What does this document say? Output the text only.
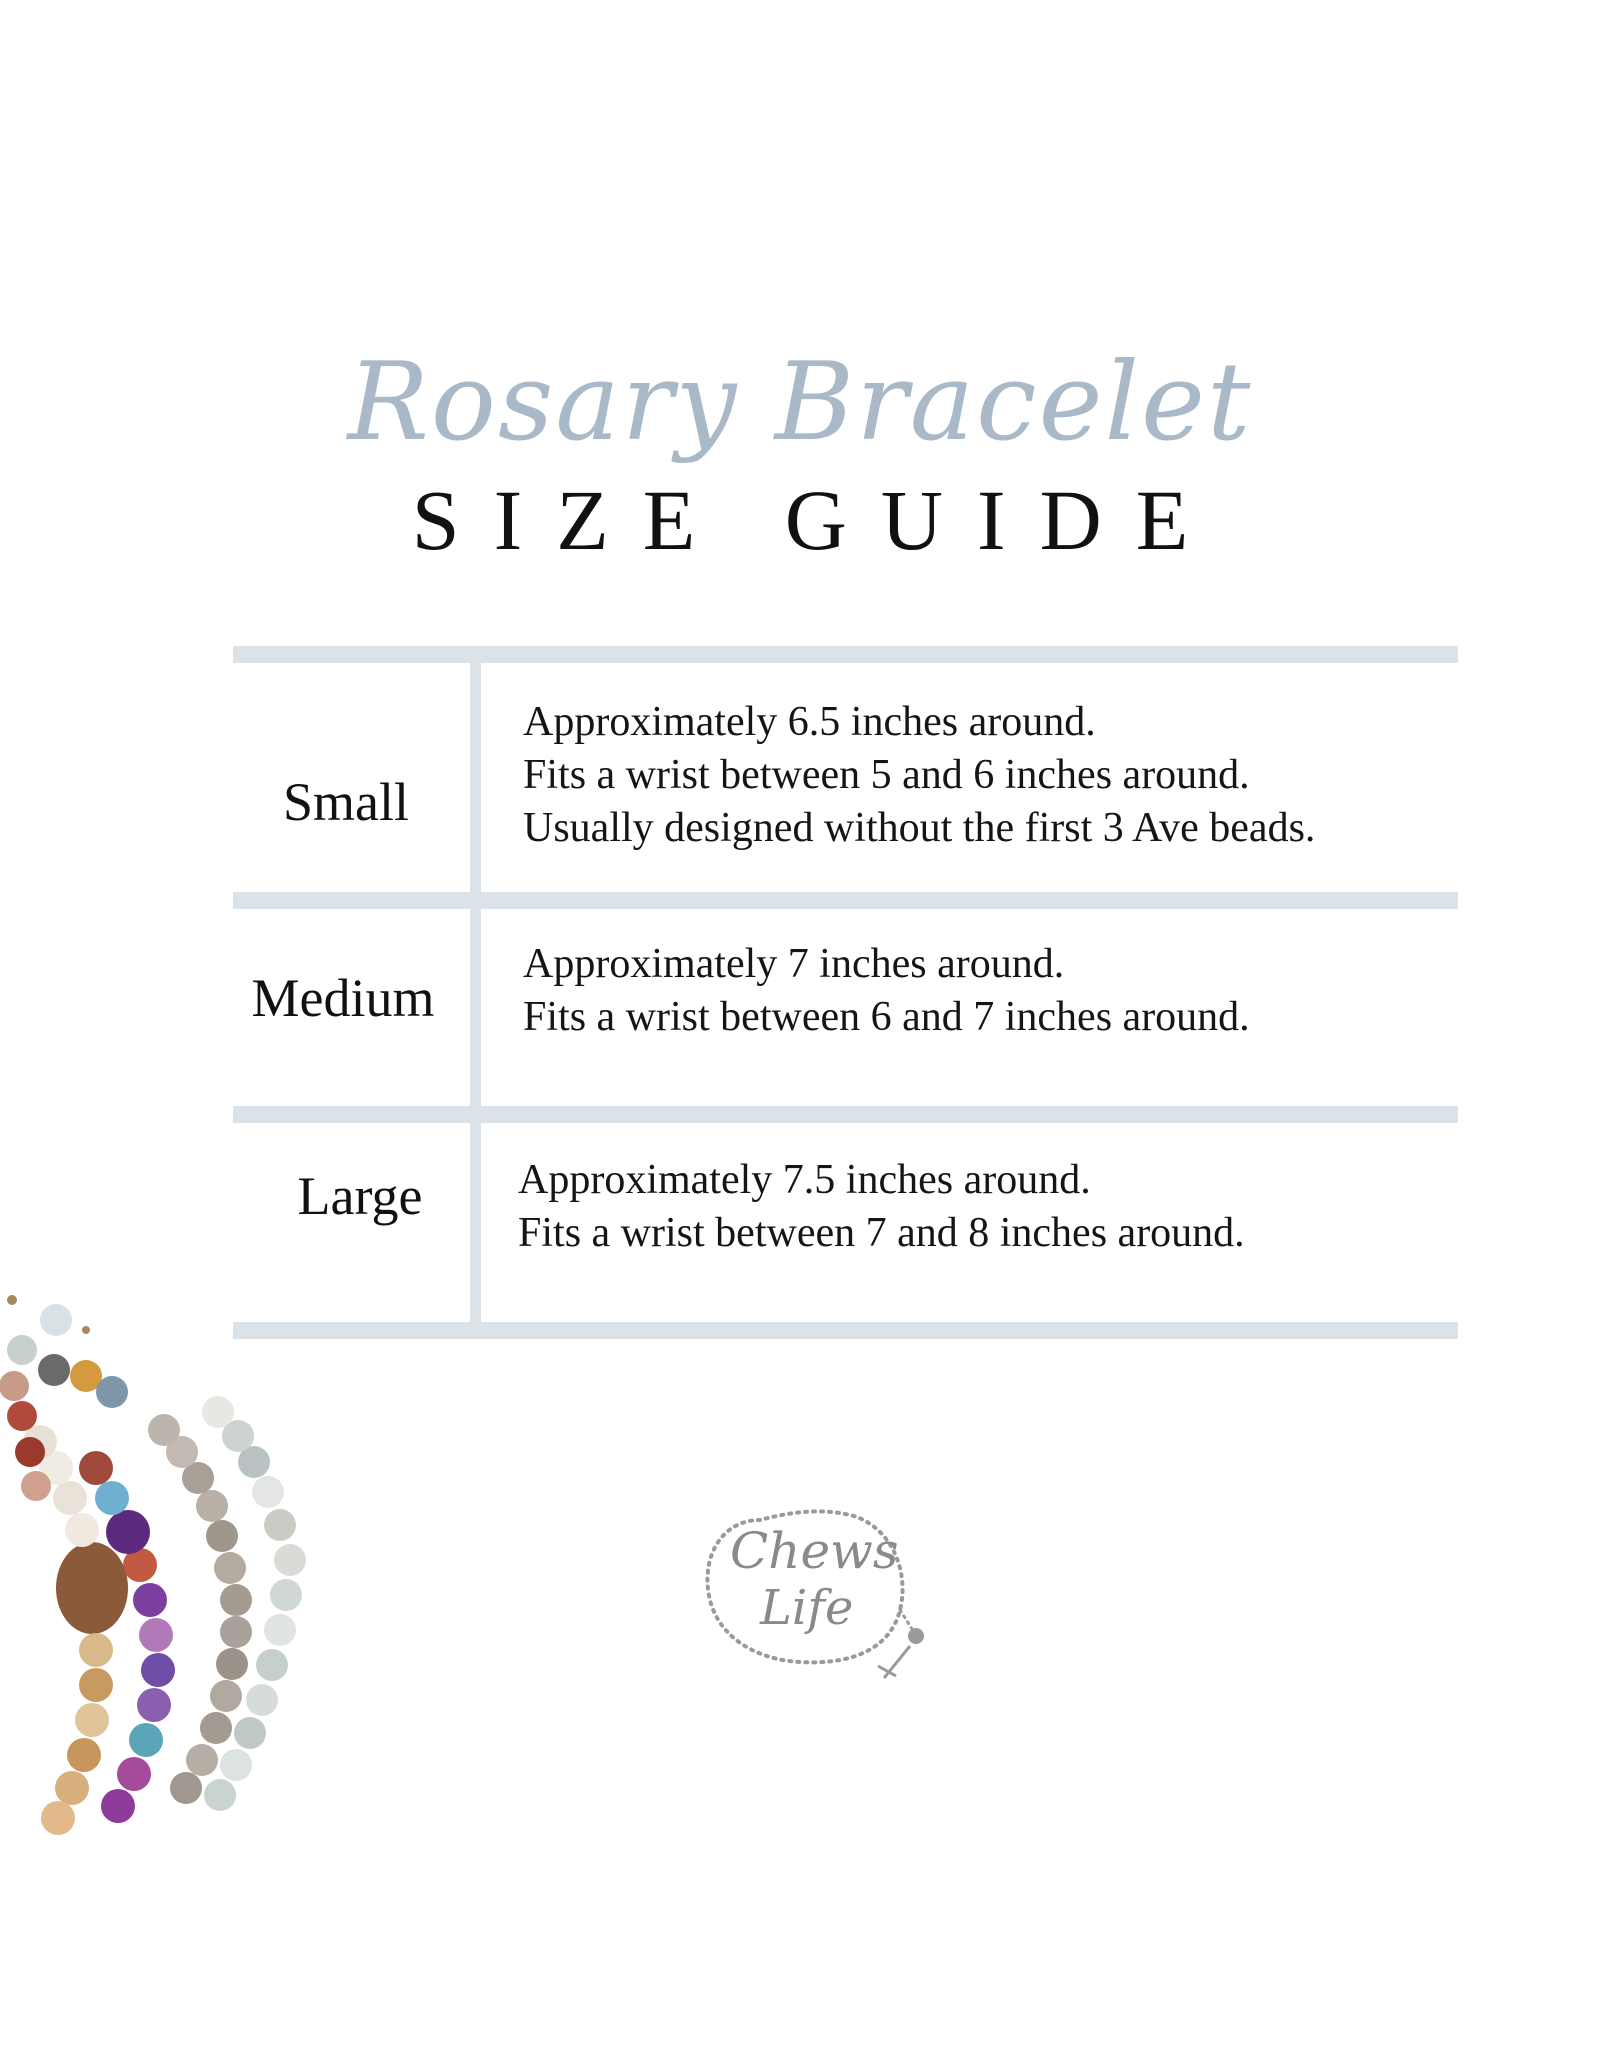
Rosary Bracelet
SIZE GUIDE
Small
Approximately 6.5 inches around.
Fits a wrist between 5 and 6 inches around.
Usually designed without the first 3 Ave beads.
Medium
Approximately 7 inches around.
Fits a wrist between 6 and 7 inches around.
Large	Approximately 7.5 inches around.
Fits a wrist between 7 and 8 inches around.
Chews
Life
